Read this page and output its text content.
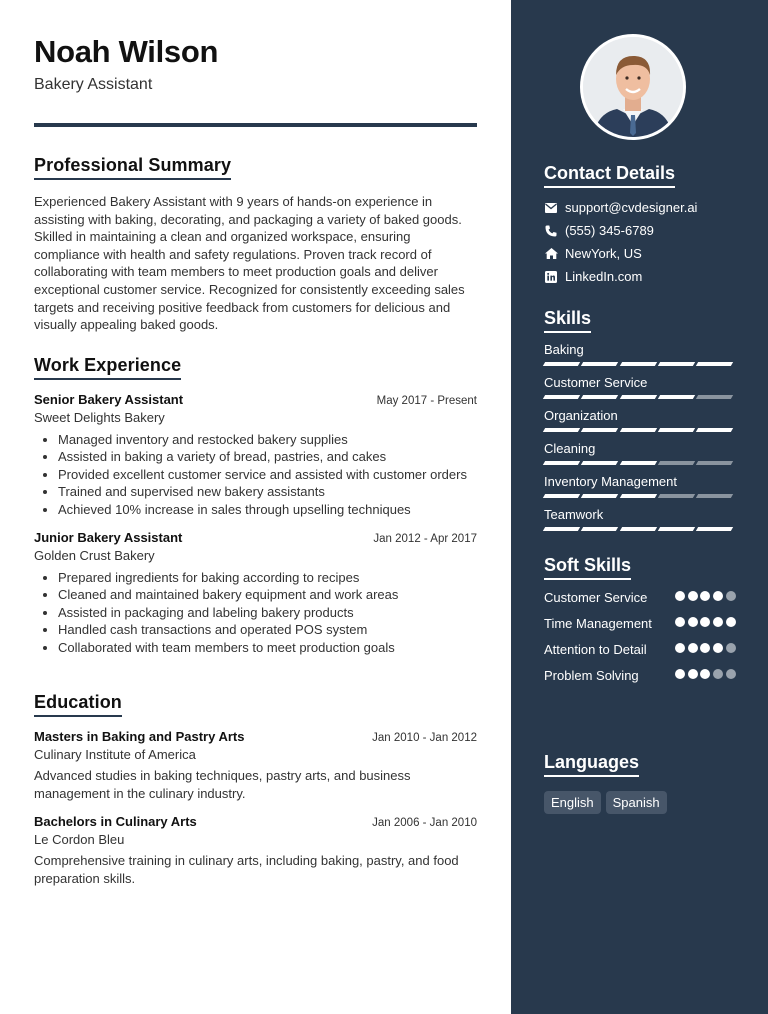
Noah Wilson
Bakery Assistant
Professional Summary
Experienced Bakery Assistant with 9 years of hands-on experience in assisting with baking, decorating, and packaging a variety of baked goods. Skilled in maintaining a clean and organized workspace, ensuring compliance with health and safety regulations. Proven track record of collaborating with team members to meet production goals and deliver exceptional customer service. Recognized for consistently exceeding sales targets and receiving positive feedback from customers for delicious and visually appealing baked goods.
Work Experience
Senior Bakery Assistant	May 2017 - Present
Sweet Delights Bakery
• Managed inventory and restocked bakery supplies
• Assisted in baking a variety of bread, pastries, and cakes
• Provided excellent customer service and assisted with customer orders
• Trained and supervised new bakery assistants
• Achieved 10% increase in sales through upselling techniques
Junior Bakery Assistant	Jan 2012 - Apr 2017
Golden Crust Bakery
• Prepared ingredients for baking according to recipes
• Cleaned and maintained bakery equipment and work areas
• Assisted in packaging and labeling bakery products
• Handled cash transactions and operated POS system
• Collaborated with team members to meet production goals
Education
Masters in Baking and Pastry Arts	Jan 2010 - Jan 2012
Culinary Institute of America
Advanced studies in baking techniques, pastry arts, and business management in the culinary industry.
Bachelors in Culinary Arts	Jan 2006 - Jan 2010
Le Cordon Bleu
Comprehensive training in culinary arts, including baking, pastry, and food preparation skills.
Contact Details
support@cvdesigner.ai
(555) 345-6789
NewYork, US
LinkedIn.com
Skills
Baking
Customer Service
Organization
Cleaning
Inventory Management
Teamwork
Soft Skills
Customer Service
Time Management
Attention to Detail
Problem Solving
Languages
English	Spanish
